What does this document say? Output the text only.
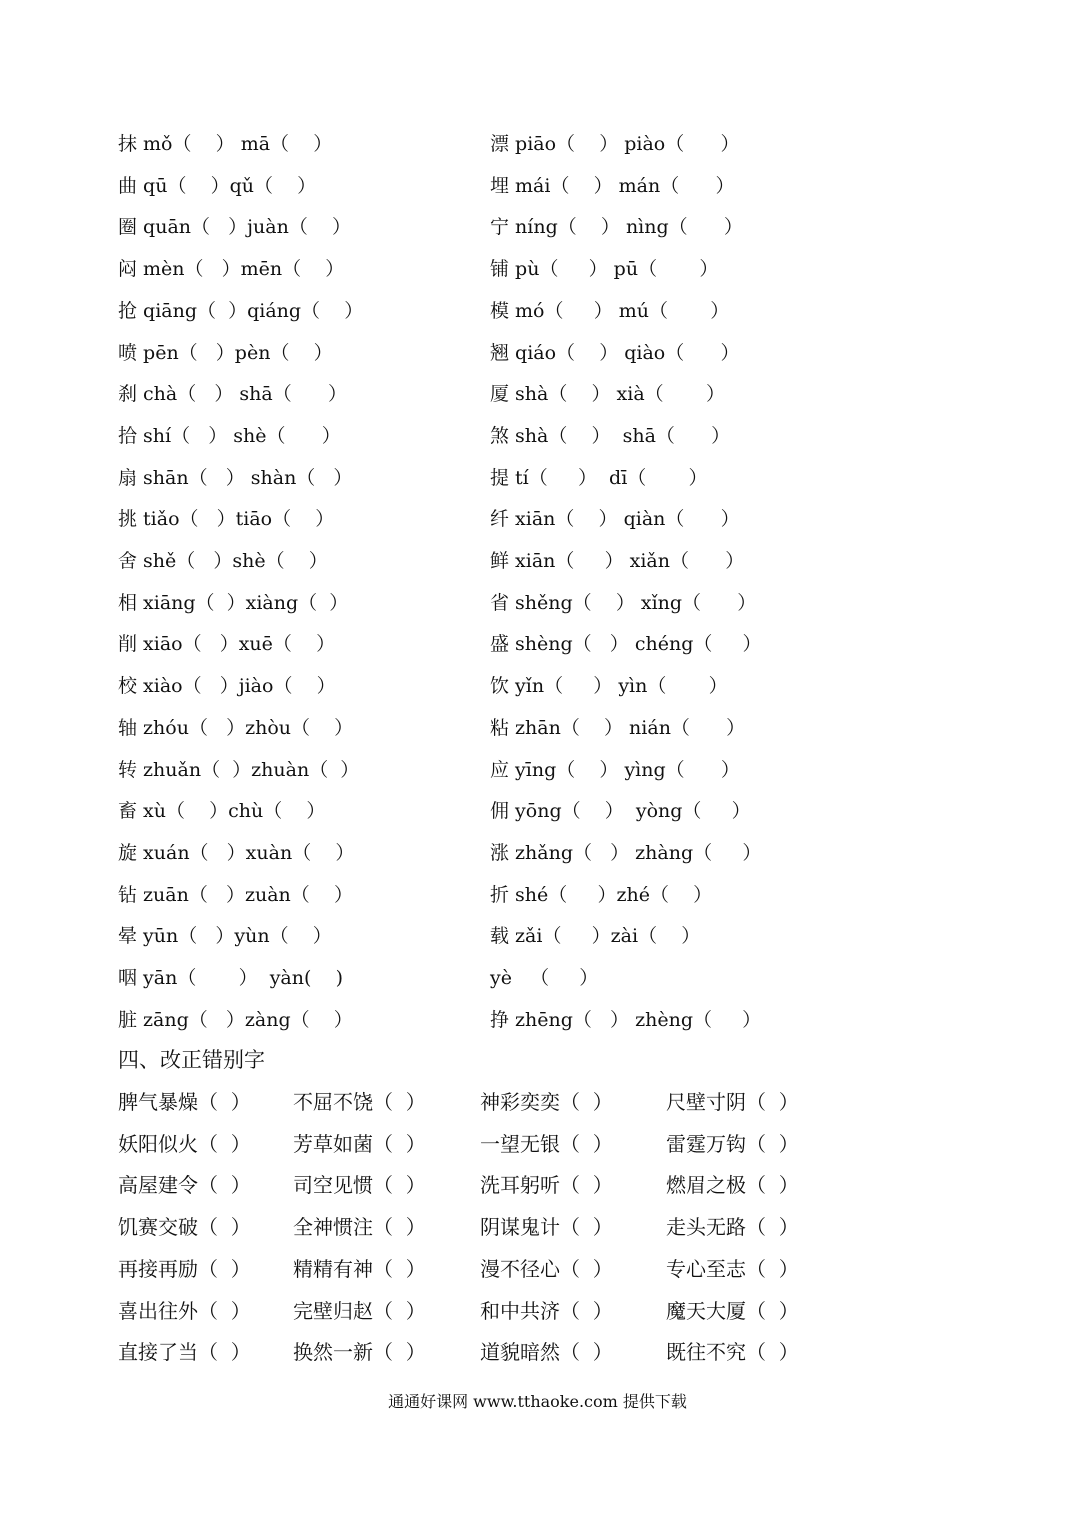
抹 mǒ（    ） mā（    ）	漂 piāo（    ） piào（      ）
曲 qū（    ）qǔ（    ）	埋 mái（    ） mán（      ）
圈 quān（   ）juàn（    ）	宁 níng（    ） nìng（      ）
闷 mèn（   ）mēn（    ）	铺 pù（     ） pū（       ）
抢 qiāng（  ）qiáng（    ）	模 mó（     ） mú（       ）
喷 pēn（   ）pèn（    ）	翘 qiáo（    ） qiào（      ）
刹 chà（   ） shā（      ）	厦 shà（    ） xià（       ）
拾 shí（   ） shè（      ）	煞 shà（    ）  shā（      ）
扇 shān（   ） shàn（   ）	提 tí（     ）  dī（       ）
挑 tiǎo（   ）tiāo（    ）	纤 xiān（    ） qiàn（      ）
舍 shě（   ）shè（    ）	鲜 xiān（     ） xiǎn（      ）
相 xiāng（  ）xiàng（  ）	省 shěng（    ） xǐng（      ）
削 xiāo（   ）xuē（    ）	盛 shèng（   ） chéng（     ）
校 xiào（   ）jiào（    ）	饮 yǐn（     ） yìn（       ）
轴 zhóu（   ）zhòu（    ）	粘 zhān（    ） nián（      ）
转 zhuǎn（  ）zhuàn（  ）	应 yīng（    ） yìng（      ）
畜 xù（    ）chù（    ）	佣 yōng（    ）  yòng（     ）
旋 xuán（   ）xuàn（    ）	涨 zhǎng（   ） zhàng（     ）
钻 zuān（   ）zuàn（    ）	折 shé（     ）zhé（    ）
晕 yūn（   ）yùn（    ）	载 zǎi（     ）zài（    ）
咽 yān（       ）  yàn(    )	yè   （     ）
脏 zāng（   ）zàng（    ）	挣 zhēng（   ） zhèng（     ）
四、改正错别字
脾气暴燥（  ） 不屈不饶（  ）	神彩奕奕（  ）	尺壁寸阴（  ）
妖阳似火（  ） 芳草如菌（  ）	一望无银（  ）	雷霆万钩（  ）
高屋建令（  ） 司空见惯（  ）	洗耳躬听（  ）	燃眉之极（  ）
饥赛交破（  ） 全神惯注（  ）	阴谋鬼计（  ）	走头无路（  ）
再接再励（  ） 精精有神（  ）	漫不径心（  ）	专心至志（  ）
喜出往外（  ） 完壁归赵（  ）	和中共济（  ）	魔天大厦（  ）
直接了当（  ） 换然一新（  ）	道貌暗然（  ）	既往不究（  ）
通通好课网 www.tthaoke.com 提供下载
